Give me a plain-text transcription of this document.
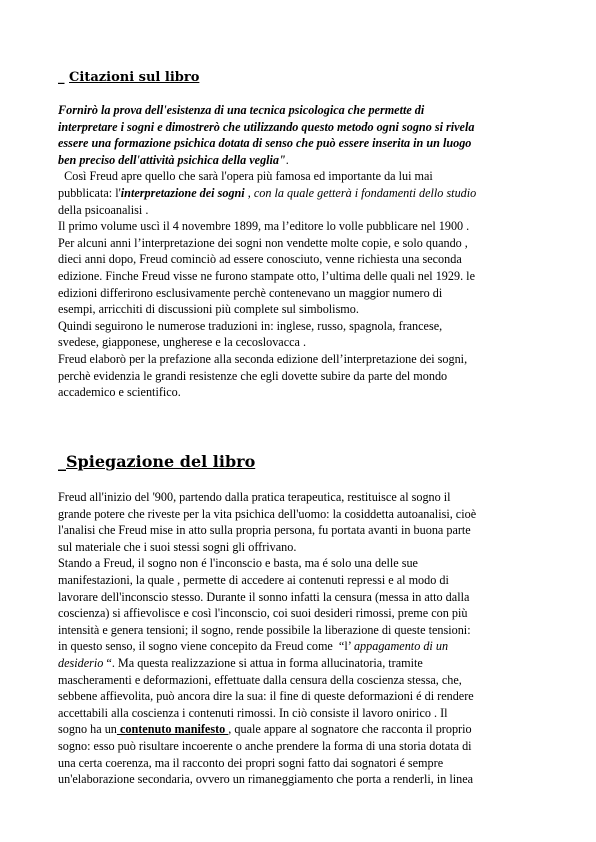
_ Citazioni sul libro
Fornirò la prova dell'esistenza di una tecnica psicologica che permette di
interpretare i sogni e dimostrerò che utilizzando questo metodo ogni sogno si rivela
essere una formazione psichica dotata di senso che può essere inserita in un luogo
ben preciso dell'attività psichica della veglia".
Così Freud apre quello che sarà l'opera più famosa ed importante da lui mai
pubblicata: l'interpretazione dei sogni , con la quale getterà i fondamenti dello studio
della psicoanalisi .
Il primo volume uscì il 4 novembre 1899, ma l’editore lo volle pubblicare nel 1900 .
Per alcuni anni l’interpretazione dei sogni non vendette molte copie, e solo quando ,
dieci anni dopo, Freud cominciò ad essere conosciuto, venne richiesta una seconda
edizione. Finche Freud visse ne furono stampate otto, l’ultima delle quali nel 1929. le
edizioni differirono esclusivamente perchè contenevano un maggior numero di
esempi, arricchiti di discussioni più complete sul simbolismo.
Quindi seguirono le numerose traduzioni in: inglese, russo, spagnola, francese,
svedese, giapponese, ungherese e la cecoslovacca .
Freud elaborò per la prefazione alla seconda edizione dell’interpretazione dei sogni,
perchè evidenzia le grandi resistenze che egli dovette subire da parte del mondo
accademico e scientifico.
_Spiegazione del libro
Freud all'inizio del '900, partendo dalla pratica terapeutica, restituisce al sogno il
grande potere che riveste per la vita psichica dell'uomo: la cosiddetta autoanalisi, cioè
l'analisi che Freud mise in atto sulla propria persona, fu portata avanti in buona parte
sul materiale che i suoi stessi sogni gli offrivano.
Stando a Freud, il sogno non é l'inconscio e basta, ma é solo una delle sue
manifestazioni, la quale , permette di accedere ai contenuti repressi e al modo di
lavorare dell'inconscio stesso. Durante il sonno infatti la censura (messa in atto dalla
coscienza) si affievolisce e così l'inconscio, coi suoi desideri rimossi, preme con più
intensità e genera tensioni; il sogno, rende possibile la liberazione di queste tensioni:
in questo senso, il sogno viene concepito da Freud come  “l’ appagamento di un
desiderio “. Ma questa realizzazione si attua in forma allucinatoria, tramite
mascheramenti e deformazioni, effettuate dalla censura della coscienza stessa, che,
sebbene affievolita, può ancora dire la sua: il fine di queste deformazioni é di rendere
accettabili alla coscienza i contenuti rimossi. In ciò consiste il lavoro onirico . Il
sogno ha un contenuto manifesto , quale appare al sognatore che racconta il proprio
sogno: esso può risultare incoerente o anche prendere la forma di una storia dotata di
una certa coerenza, ma il racconto dei propri sogni fatto dai sognatori é sempre
un'elaborazione secondaria, ovvero un rimaneggiamento che porta a renderli, in linea
